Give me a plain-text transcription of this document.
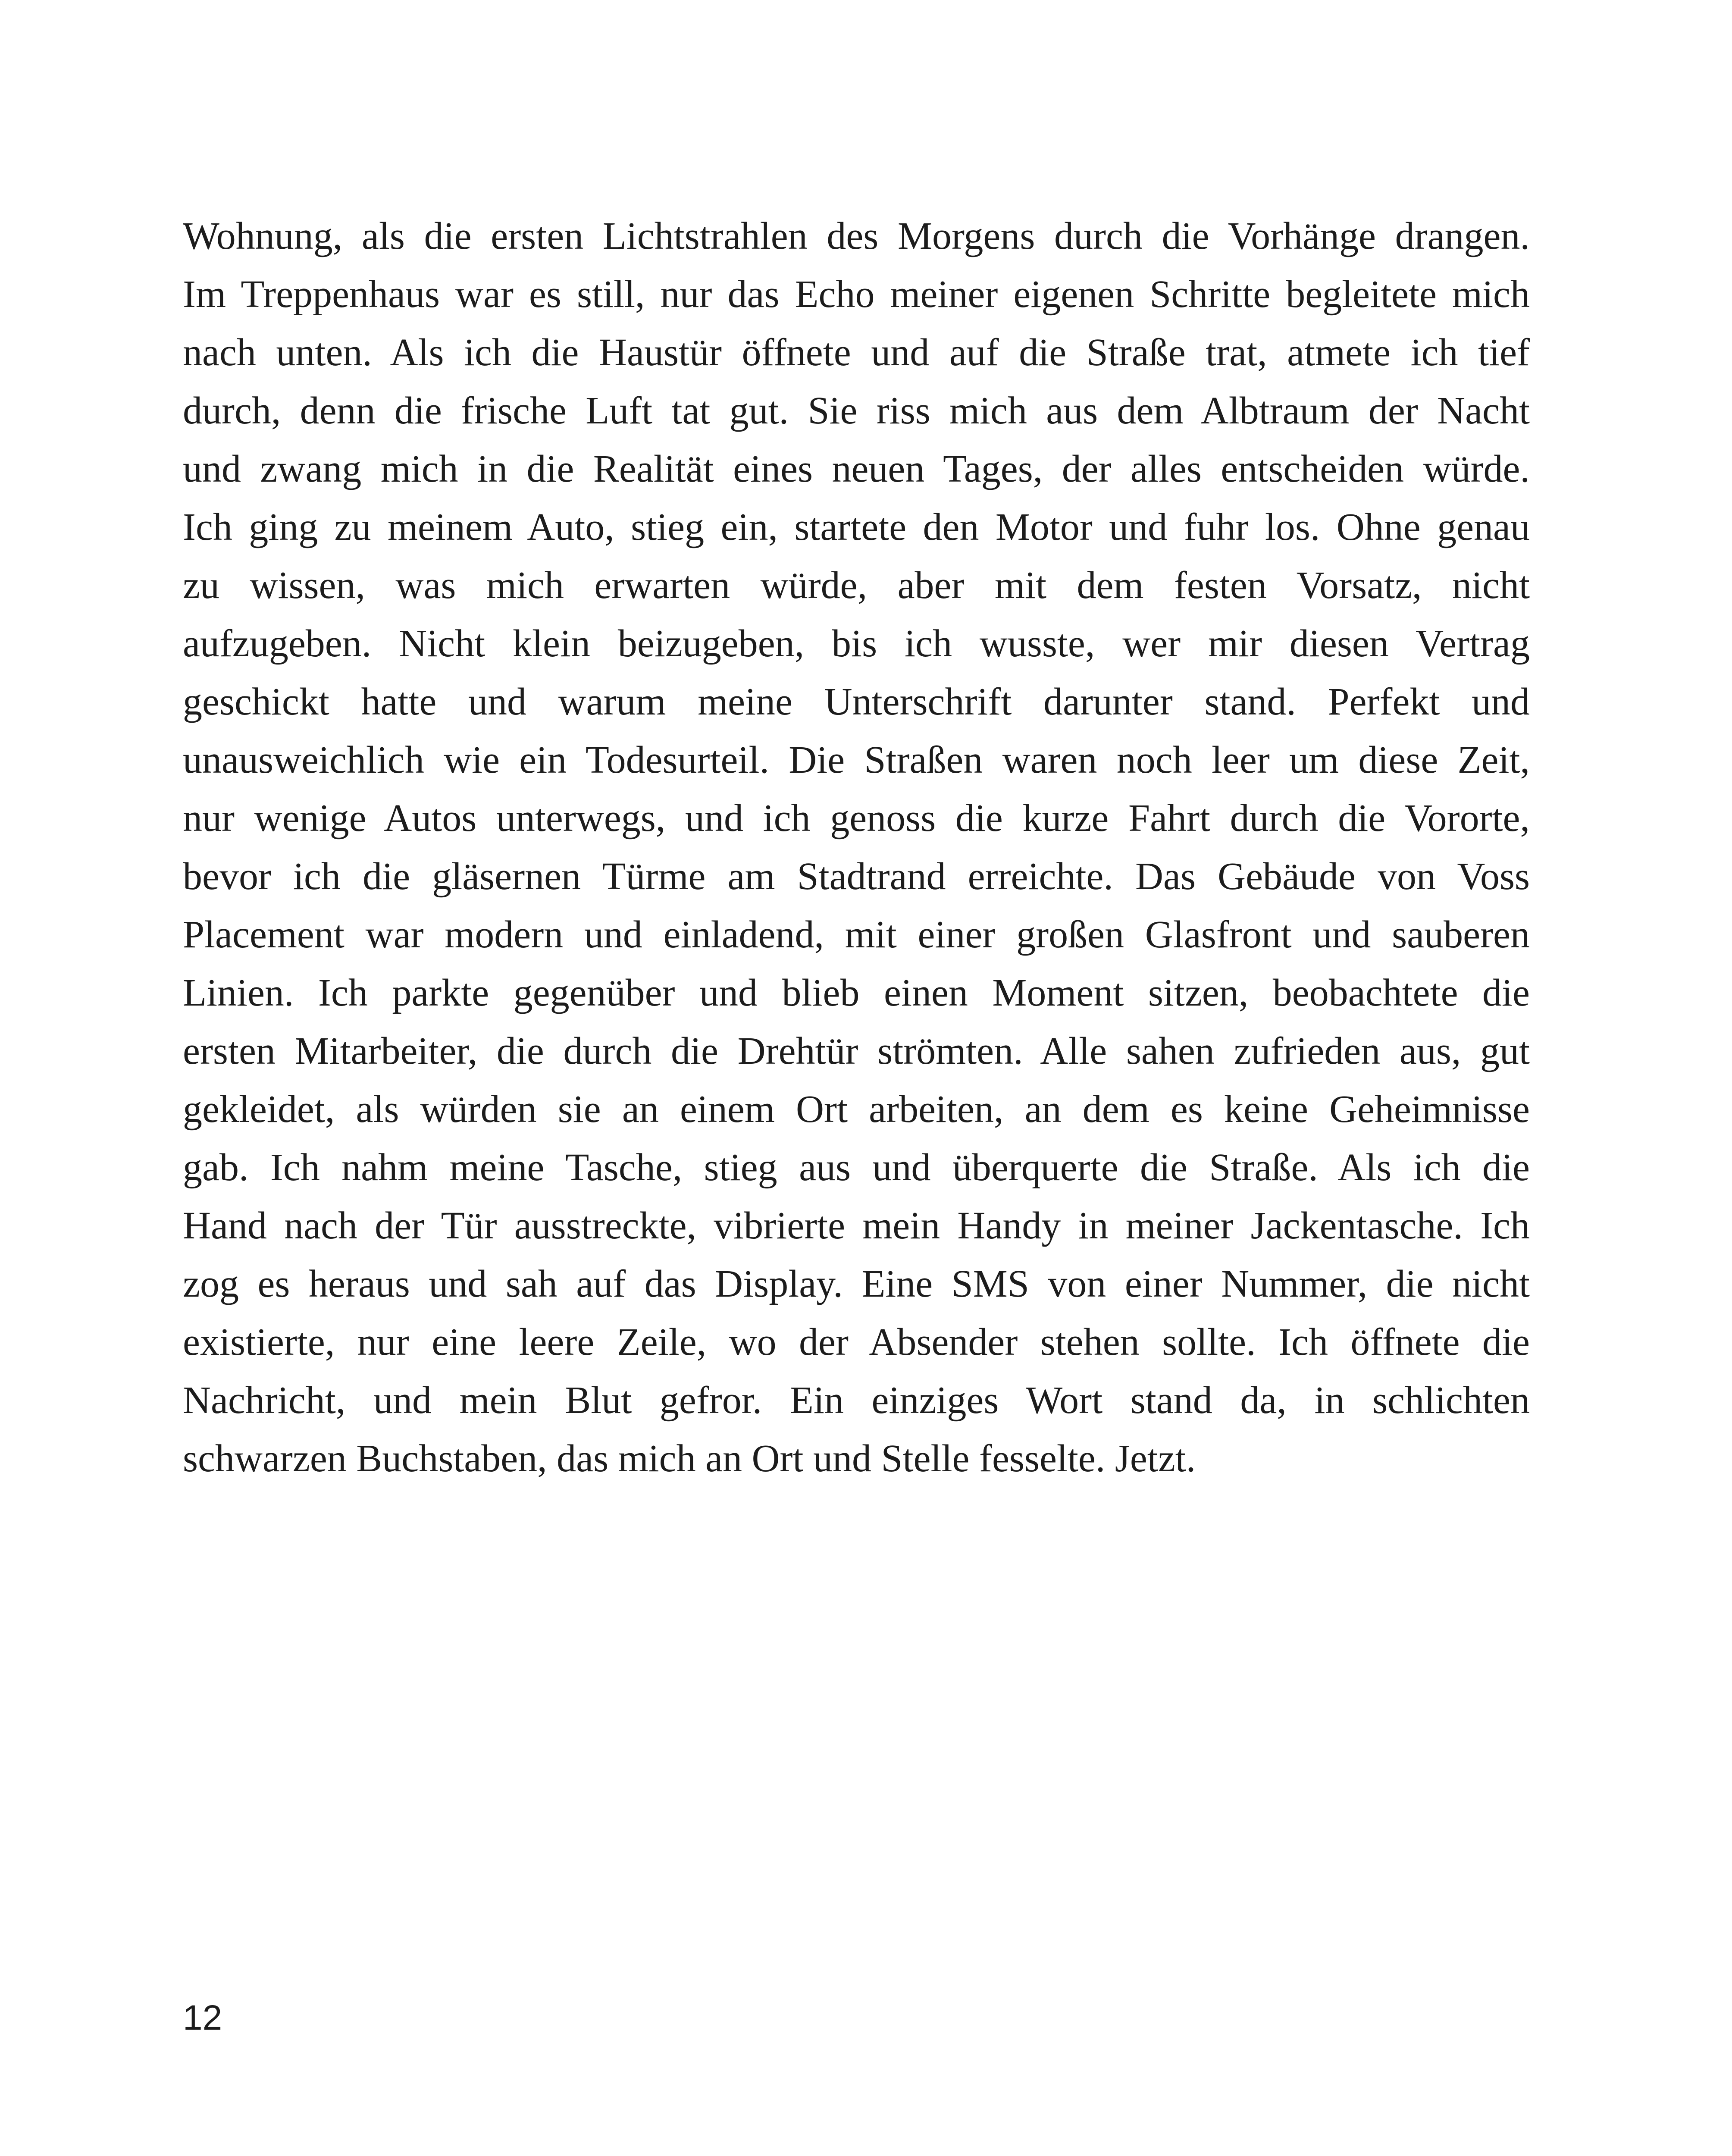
Wohnung, als die ersten Lichtstrahlen des Morgens durch die Vorhänge drangen.
Im Treppenhaus war es still, nur das Echo meiner eigenen Schritte begleitete mich
nach unten. Als ich die Haustür öffnete und auf die Straße trat, atmete ich tief
durch, denn die frische Luft tat gut. Sie riss mich aus dem Albtraum der Nacht
und zwang mich in die Realität eines neuen Tages, der alles entscheiden würde.
Ich ging zu meinem Auto, stieg ein, startete den Motor und fuhr los. Ohne genau
zu wissen, was mich erwarten würde, aber mit dem festen Vorsatz, nicht
aufzugeben. Nicht klein beizugeben, bis ich wusste, wer mir diesen Vertrag
geschickt hatte und warum meine Unterschrift darunter stand. Perfekt und
unausweichlich wie ein Todesurteil. Die Straßen waren noch leer um diese Zeit,
nur wenige Autos unterwegs, und ich genoss die kurze Fahrt durch die Vororte,
bevor ich die gläsernen Türme am Stadtrand erreichte. Das Gebäude von Voss
Placement war modern und einladend, mit einer großen Glasfront und sauberen
Linien. Ich parkte gegenüber und blieb einen Moment sitzen, beobachtete die
ersten Mitarbeiter, die durch die Drehtür strömten. Alle sahen zufrieden aus, gut
gekleidet, als würden sie an einem Ort arbeiten, an dem es keine Geheimnisse
gab. Ich nahm meine Tasche, stieg aus und überquerte die Straße. Als ich die
Hand nach der Tür ausstreckte, vibrierte mein Handy in meiner Jackentasche. Ich
zog es heraus und sah auf das Display. Eine SMS von einer Nummer, die nicht
existierte, nur eine leere Zeile, wo der Absender stehen sollte. Ich öffnete die
Nachricht, und mein Blut gefror. Ein einziges Wort stand da, in schlichten
schwarzen Buchstaben, das mich an Ort und Stelle fesselte. Jetzt.
12
